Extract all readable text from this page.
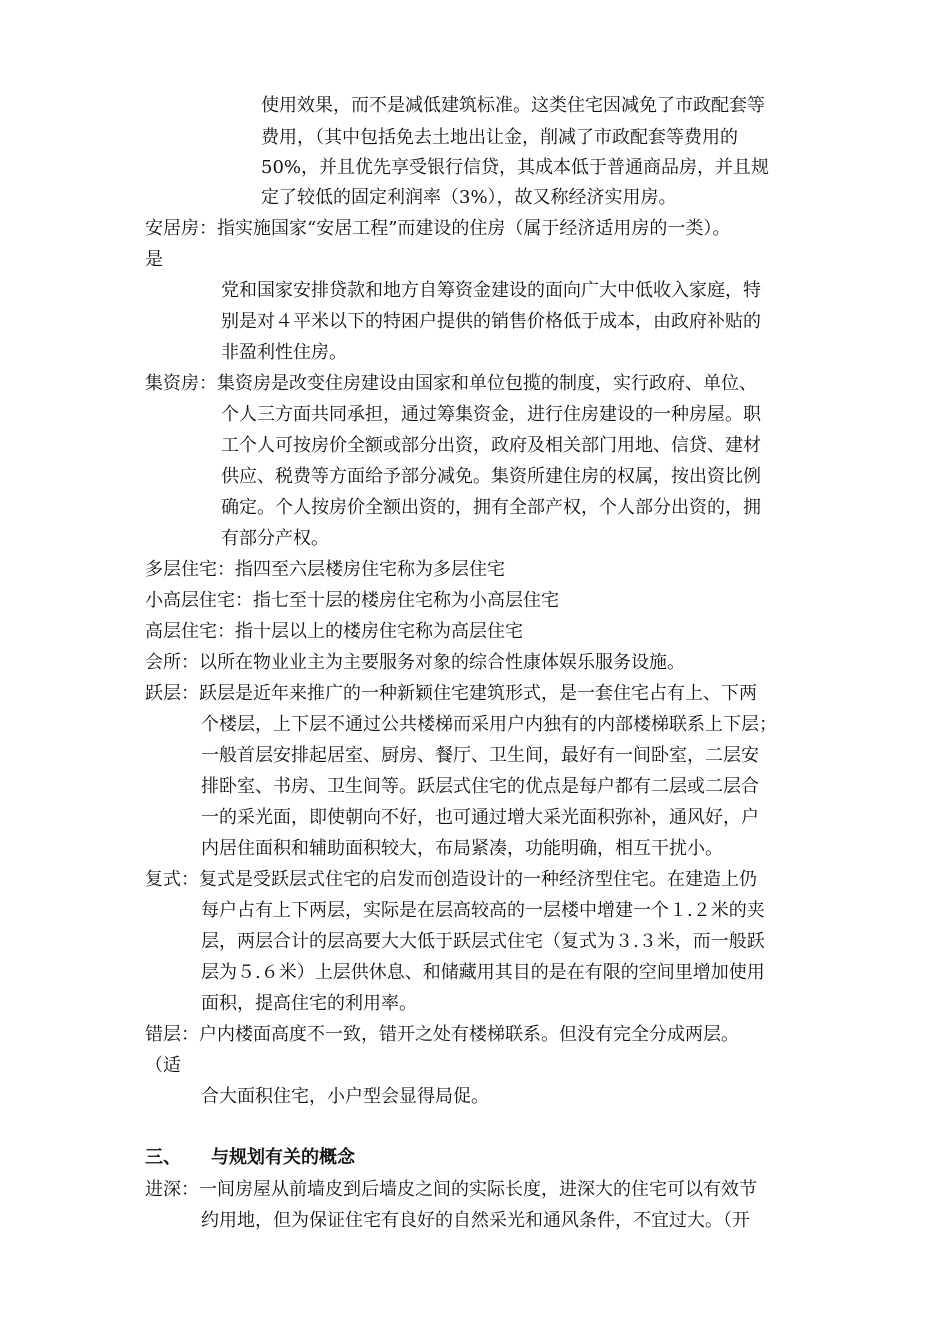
使用效果，而不是减低建筑标准。这类住宅因减免了市政配套等
费用，（其中包括免去土地出让金，削减了市政配套等费用的
50%，并且优先享受银行信贷，其成本低于普通商品房，并且规
定了较低的固定利润率（3%），故又称经济实用房。
安居房：指实施国家“安居工程”而建设的住房（属于经济适用房的一类）。
是
党和国家安排贷款和地方自筹资金建设的面向广大中低收入家庭，特
别是对４平米以下的特困户提供的销售价格低于成本，由政府补贴的
非盈利性住房。
集资房：集资房是改变住房建设由国家和单位包揽的制度，实行政府、单位、
个人三方面共同承担，通过筹集资金，进行住房建设的一种房屋。职
工个人可按房价全额或部分出资，政府及相关部门用地、信贷、建材
供应、税费等方面给予部分减免。集资所建住房的权属，按出资比例
确定。个人按房价全额出资的，拥有全部产权，个人部分出资的，拥
有部分产权。
多层住宅：指四至六层楼房住宅称为多层住宅
小高层住宅：指七至十层的楼房住宅称为小高层住宅
高层住宅：指十层以上的楼房住宅称为高层住宅
会所：以所在物业业主为主要服务对象的综合性康体娱乐服务设施。
跃层：跃层是近年来推广的一种新颖住宅建筑形式，是一套住宅占有上、下两
个楼层，上下层不通过公共楼梯而采用户内独有的内部楼梯联系上下层；
一般首层安排起居室、厨房、餐厅、卫生间，最好有一间卧室，二层安
排卧室、书房、卫生间等。跃层式住宅的优点是每户都有二层或二层合
一的采光面，即使朝向不好，也可通过增大采光面积弥补，通风好，户
内居住面积和辅助面积较大，布局紧凑，功能明确，相互干扰小。
复式：复式是受跃层式住宅的启发而创造设计的一种经济型住宅。在建造上仍
每户占有上下两层，实际是在层高较高的一层楼中增建一个１.２米的夹
层，两层合计的层高要大大低于跃层式住宅（复式为３.３米，而一般跃
层为５.６米）上层供休息、和储藏用其目的是在有限的空间里增加使用
面积，提高住宅的利用率。
错层：户内楼面高度不一致，错开之处有楼梯联系。但没有完全分成两层。
（适
合大面积住宅，小户型会显得局促。
三、 与规划有关的概念
进深：一间房屋从前墙皮到后墙皮之间的实际长度，进深大的住宅可以有效节
约用地，但为保证住宅有良好的自然采光和通风条件，不宜过大。（开
